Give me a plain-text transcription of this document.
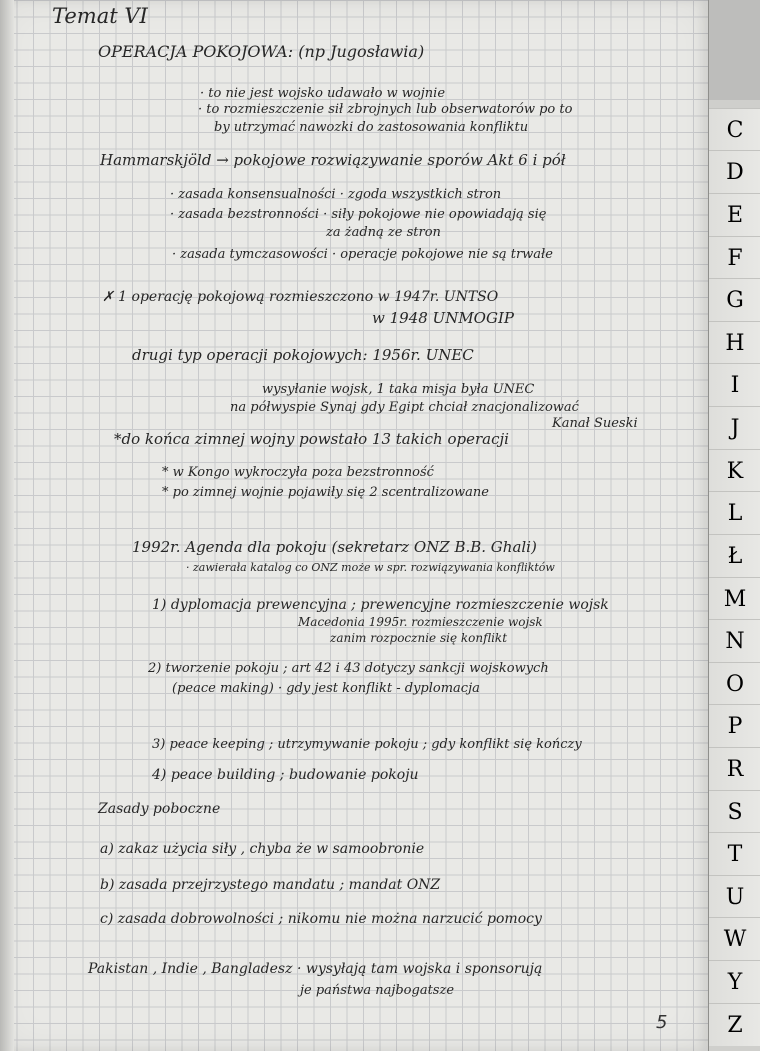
Temat VI

OPERACJA POKOJOWA: (np Jugosławia)

· to nie jest wojsko udawało w wojnie

· to rozmieszczenie sił zbrojnych lub obserwatorów po to

by utrzymać nawozki do zastosowania konfliktu

Hammarskjöld → pokojowe rozwiązywanie sporów Akt 6 i pół

· zasada konsensualności · zgoda wszystkich stron

· zasada bezstronności · siły pokojowe nie opowiadają się

za żadną ze stron

· zasada tymczasowości · operacje pokojowe nie są trwałe

✗ 1 operację pokojową rozmieszczono w 1947r. UNTSO

w 1948 UNMOGIP

drugi typ operacji pokojowych: 1956r. UNEC

wysyłanie wojsk, 1 taka misja była UNEC

na półwyspie Synaj gdy Egipt chciał znacjonalizować

Kanał Sueski

*do końca zimnej wojny powstało 13 takich operacji

* w Kongo wykroczyła poza bezstronność

* po zimnej wojnie pojawiły się 2 scentralizowane

1992r. Agenda dla pokoju (sekretarz ONZ B.B. Ghali)

· zawierała katalog co ONZ może w spr. rozwiązywania konfliktów

1) dyplomacja prewencyjna ; prewencyjne rozmieszczenie wojsk

Macedonia 1995r. rozmieszczenie wojsk

zanim rozpocznie się konflikt

2) tworzenie pokoju ; art 42 i 43 dotyczy sankcji wojskowych

(peace making) · gdy jest konflikt - dyplomacja

3) peace keeping ; utrzymywanie pokoju ; gdy konflikt się kończy

4) peace building ; budowanie pokoju

Zasady poboczne

a) zakaz użycia siły , chyba że w samoobronie

b) zasada przejrzystego mandatu ; mandat ONZ

c) zasada dobrowolności ; nikomu nie można narzucić pomocy

Pakistan , Indie , Bangladesz · wysyłają tam wojska i sponsorują

je państwa najbogatsze

5

C
D
E
F
G
H
I
J
K
L
Ł
M
N
O
P
R
S
T
U
W
Y
Z
